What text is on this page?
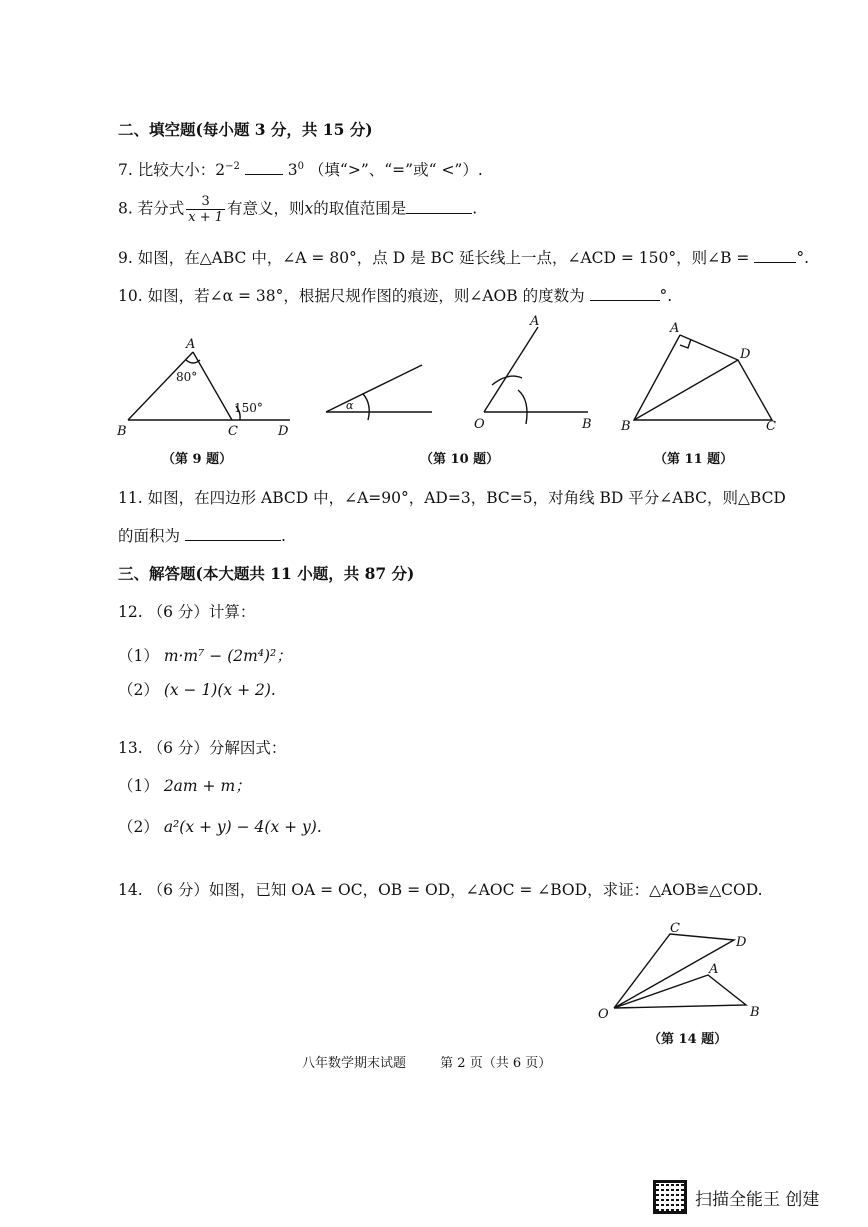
二、填空题(每小题 3 分，共 15 分)
7. 比较大小：$2^{-2}$	$3^0$ （填“>”、“=”或“ <”）.
8. 若分式 $\frac{3}{x + 1}$ 有意义，则x的取值范围是	.
9. 如图，在△ABC 中，∠A = 80°，点 D 是 BC 延长线上一点，∠ACD = 150°，则∠B =	°.
10. 如图，若∠α = 38°，根据尺规作图的痕迹，则∠AOB 的度数为	°.
A
B	C	D
80°
150°	α
A
O	B
A
D
B	C
C
D
A
O	B
（第 9 题）	（第 10 题）	（第 11 题）
11. 如图，在四边形 ABCD 中，∠A=90°，AD=3，BC=5，对角线 BD 平分∠ABC，则△BCD
的面积为	.
三、解答题(本大题共 11 小题，共 87 分)
12. （6 分）计算：
（1） m·m⁷ − (2m⁴)²；
（2） (x − 1)(x + 2).
13. （6 分）分解因式：
（1） 2am + m；
（2） a²(x + y) − 4(x + y).
14. （6 分）如图，已知 OA = OC，OB = OD，∠AOC = ∠BOD，求证：△AOB≌△COD.
（第 14 题）
八年数学期末试题	第 2 页（共 6 页）
扫描全能王 创建
